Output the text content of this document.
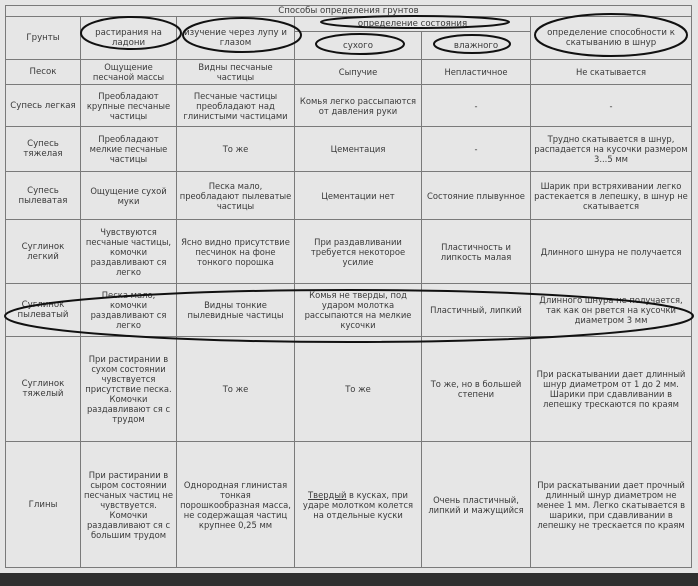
Способы определения грунтов					
Грунты	растирания на ладони	изучение через лупу и глазом	определение состояния		определение способности к скатыванию в шнур
			сухого	влажного	
Песок	Ощущение песчаной массы	Видны песчаные частицы	Сыпучие	Непластичное	Не скатывается
Супесь легкая	Преобладают крупные песчаные частицы	Песчаные частицы преобладают над глинистыми частицами	Комья легко рассыпаются от давления руки	-	-
Супесь тяжелая	Преобладают мелкие песчаные частицы	То же	Цементация	-	Трудно скатывается в шнур, распадается на кусочки размером 3...5 мм
Супесь пылеватая	Ощущение сухой муки	Песка мало, преобладают пылеватые частицы	Цементации нет	Состояние плывунное	Шарик при встряхивании легко растекается в лепешку, в шнур не скатывается
Суглинок легкий	Чувствуются песчаные частицы, комочки раздавливают ся легко	Ясно видно присутствие песчинок на фоне тонкого порошка	При раздавливании требуется некоторое усилие	Пластичность и липкость малая	Длинного шнура не получается
Суглинок пылеватый	Песка мало, комочки раздавливают ся легко	Видны тонкие пылевидные частицы	Комья не тверды, под ударом молотка рассыпаются на мелкие кусочки	Пластичный, липкий	Длинного шнура не получается, так как он рвется на кусочки диаметром 3 мм
Суглинок тяжелый	При растирании в сухом состоянии чувствуется присутствие песка. Комочки раздавливают ся с трудом	То же	То же	То же, но в большей степени	При раскатывании дает длинный шнур диаметром от 1 до 2 мм. Шарики при сдавливании в лепешку трескаются по краям
Глины	При растирании в сыром состоянии песчаных частиц не чувствуется. Комочки раздавливают ся с большим трудом	Однородная глинистая тонкая порошкообразная масса, не содержащая частиц крупнее 0,25 мм	Твердый в кусках, при ударе молотком колется на отдельные куски	Очень пластичный, липкий и мажущийся	При раскатывании дает прочный длинный шнур диаметром не менее 1 мм. Легко скатывается в шарики, при сдавливании в лепешку не трескается по краям
